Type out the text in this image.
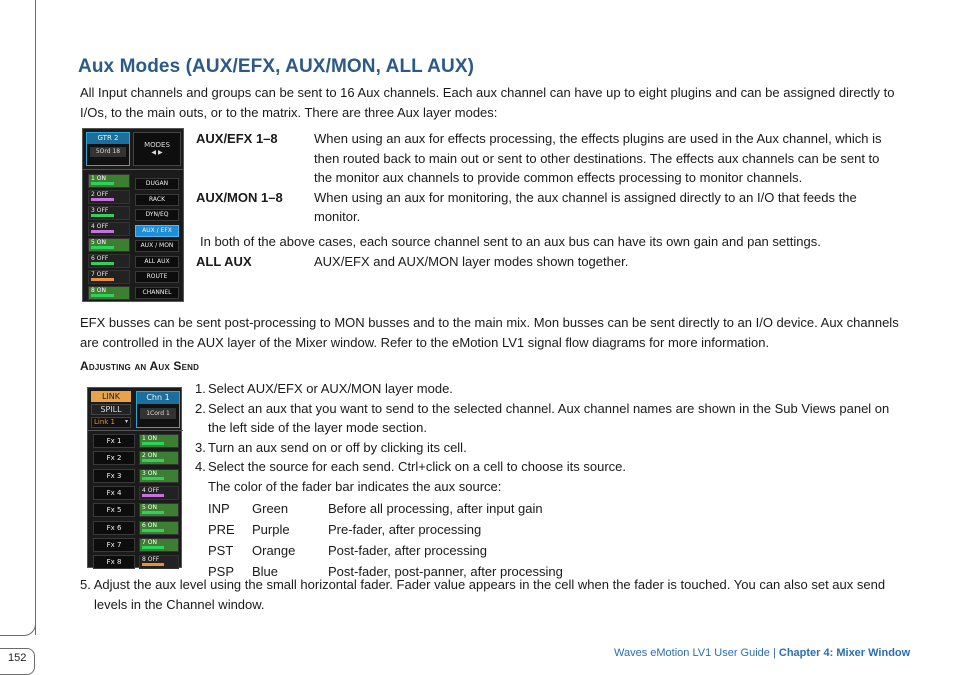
152
Aux Modes (AUX/EFX, AUX/MON, ALL AUX)
All Input channels and groups can be sent to 16 Aux channels. Each aux channel can have up to eight plugins and can be assigned directly to I/Os, to the main outs, or to the matrix. There are three Aux layer modes:
GTR 2
5Ord 18
MODES
◀ ▶
1 ON
2 OFF
3 OFF
4 OFF
5 ON
6 OFF
7 OFF
8 ON
DUGAN
RACK
DYN/EQ
AUX / EFX
AUX / MON
ALL AUX
ROUTE
CHANNEL
AUX/EFX 1–8	When using an aux for effects processing, the effects plugins are used in the Aux channel, which is then routed back to main out or sent to other destinations. The effects aux channels can be sent to the monitor aux channels to provide common effects processing to monitor channels.
AUX/MON 1–8	When using an aux for monitoring, the aux channel is assigned directly to an I/O that feeds the monitor.
In both of the above cases, each source channel sent to an aux bus can have its own gain and pan settings.
ALL AUX	AUX/EFX and AUX/MON layer modes shown together.
EFX busses can be sent post-processing to MON busses and to the main mix. Mon busses can be sent directly to an I/O device. Aux channels are controlled in the AUX layer of the Mixer window. Refer to the eMotion LV1 signal flow diagrams for more information.
Adjusting an Aux Send
LINK
SPILL
Link 1 ▾
Chn 1
1Cord 1
Fx 1
Fx 2
Fx 3
Fx 4
Fx 5
Fx 6
Fx 7
Fx 8
1 ON
2 ON
3 ON
4 OFF
5 ON
6 ON
7 ON
8 OFF
1. Select AUX/EFX or AUX/MON layer mode.
2. Select an aux that you want to send to the selected channel. Aux channel names are shown in the Sub Views panel on the left side of the layer mode section.
3. Turn an aux send on or off by clicking its cell.
4. Select the source for each send. Ctrl+click on a cell to choose its source.
The color of the fader bar indicates the aux source:
INP	Green	Before all processing, after input gain
PRE	Purple	Pre-fader, after processing
PST	Orange	Post-fader, after processing
PSP	Blue	Post-fader, post-panner, after processing
5. Adjust the aux level using the small horizontal fader. Fader value appears in the cell when the fader is touched. You can also set aux send levels in the Channel window.
Waves eMotion LV1 User Guide | Chapter 4: Mixer Window
